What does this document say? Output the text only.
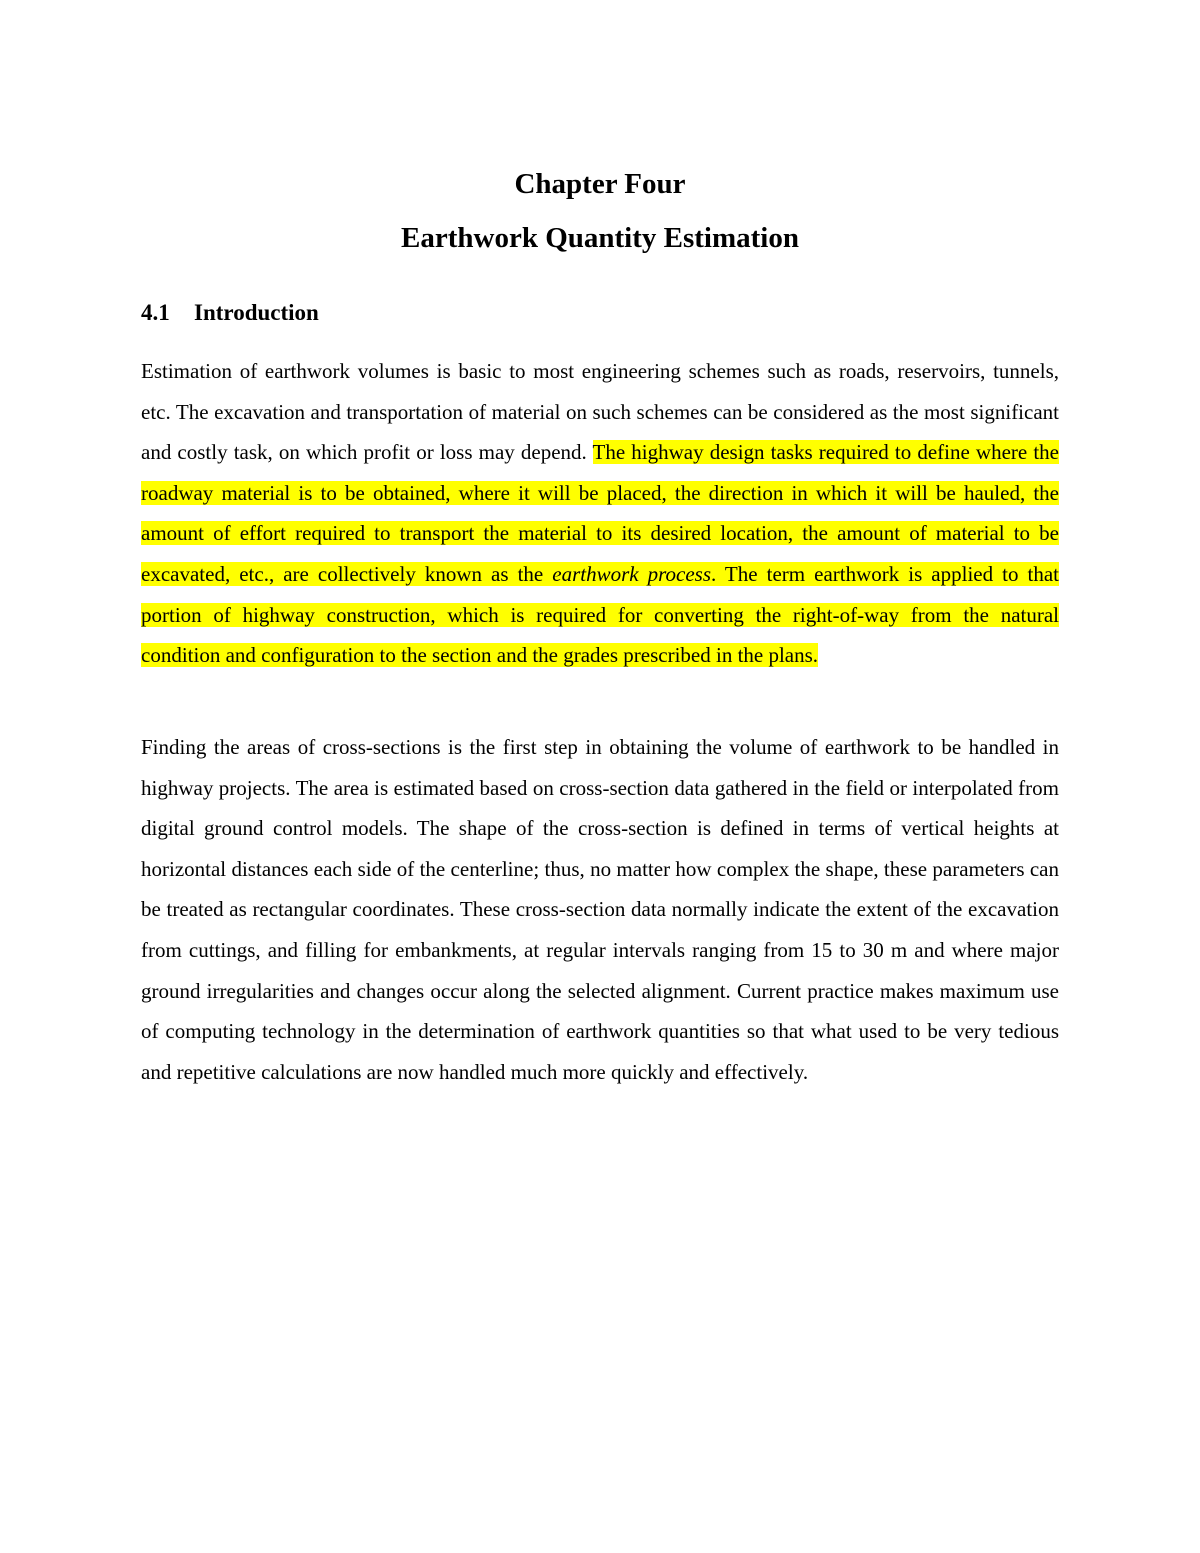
Chapter Four
Earthwork Quantity Estimation
4.1 Introduction

Estimation of earthwork volumes is basic to most engineering schemes such as roads, reservoirs, tunnels, etc. The excavation and transportation of material on such schemes can be considered as the most significant and costly task, on which profit or loss may depend. The highway design tasks required to define where the roadway material is to be obtained, where it will be placed, the direction in which it will be hauled, the amount of effort required to transport the material to its desired location, the amount of material to be excavated, etc., are collectively known as the earthwork process. The term earthwork is applied to that portion of highway construction, which is required for converting the right-of-way from the natural condition and configuration to the section and the grades prescribed in the plans.

Finding the areas of cross-sections is the first step in obtaining the volume of earthwork to be handled in highway projects. The area is estimated based on cross-section data gathered in the field or interpolated from digital ground control models. The shape of the cross-section is defined in terms of vertical heights at horizontal distances each side of the centerline; thus, no matter how complex the shape, these parameters can be treated as rectangular coordinates. These cross-section data normally indicate the extent of the excavation from cuttings, and filling for embankments, at regular intervals ranging from 15 to 30 m and where major ground irregularities and changes occur along the selected alignment. Current practice makes maximum use of computing technology in the determination of earthwork quantities so that what used to be very tedious and repetitive calculations are now handled much more quickly and effectively.
